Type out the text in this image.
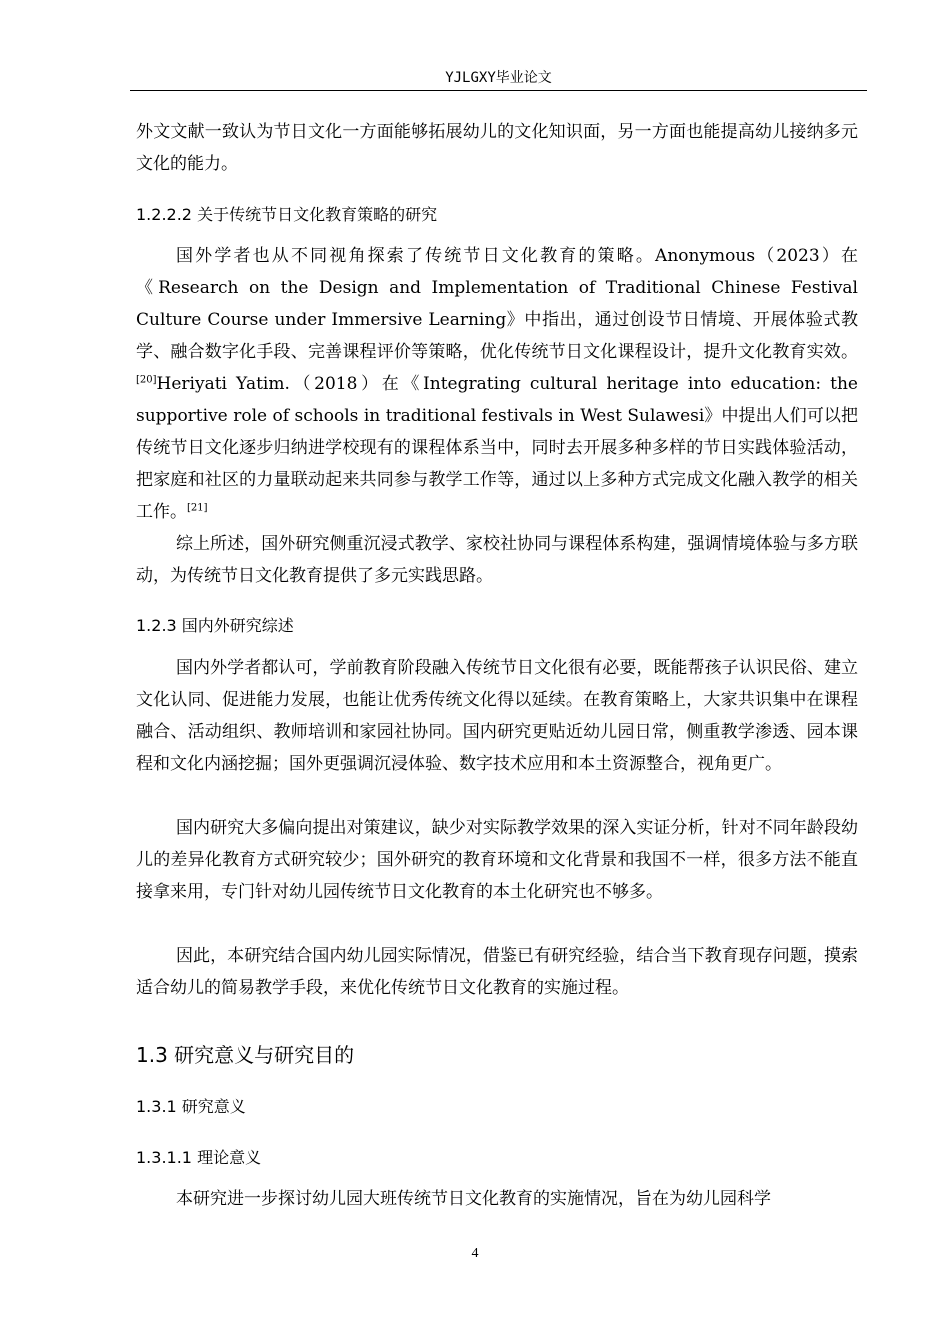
YJLGXY毕业论文

外文文献一致认为节日文化一方面能够拓展幼儿的文化知识面，另一方面也能提高幼儿接纳多元文化的能力。

1.2.2.2 关于传统节日文化教育策略的研究

国外学者也从不同视角探索了传统节日文化教育的策略。Anonymous（2023）在《Research on the Design and Implementation of Traditional Chinese Festival Culture Course under Immersive Learning》中指出，通过创设节日情境、开展体验式教学、融合数字化手段、完善课程评价等策略，优化传统节日文化课程设计，提升文化教育实效。[20]Heriyati Yatim.（2018）在《Integrating cultural heritage into education: the supportive role of schools in traditional festivals in West Sulawesi》中提出人们可以把传统节日文化逐步归纳进学校现有的课程体系当中，同时去开展多种多样的节日实践体验活动，把家庭和社区的力量联动起来共同参与教学工作等，通过以上多种方式完成文化融入教学的相关工作。[21]

综上所述，国外研究侧重沉浸式教学、家校社协同与课程体系构建，强调情境体验与多方联动，为传统节日文化教育提供了多元实践思路。

1.2.3 国内外研究综述

国内外学者都认可，学前教育阶段融入传统节日文化很有必要，既能帮孩子认识民俗、建立文化认同、促进能力发展，也能让优秀传统文化得以延续。在教育策略上，大家共识集中在课程融合、活动组织、教师培训和家园社协同。国内研究更贴近幼儿园日常，侧重教学渗透、园本课程和文化内涵挖掘；国外更强调沉浸体验、数字技术应用和本土资源整合，视角更广。

国内研究大多偏向提出对策建议，缺少对实际教学效果的深入实证分析，针对不同年龄段幼儿的差异化教育方式研究较少；国外研究的教育环境和文化背景和我国不一样，很多方法不能直接拿来用，专门针对幼儿园传统节日文化教育的本土化研究也不够多。

因此，本研究结合国内幼儿园实际情况，借鉴已有研究经验，结合当下教育现存问题，摸索适合幼儿的简易教学手段，来优化传统节日文化教育的实施过程。

1.3 研究意义与研究目的
1.3.1 研究意义
1.3.1.1 理论意义

本研究进一步探讨幼儿园大班传统节日文化教育的实施情况，旨在为幼儿园科学

4
